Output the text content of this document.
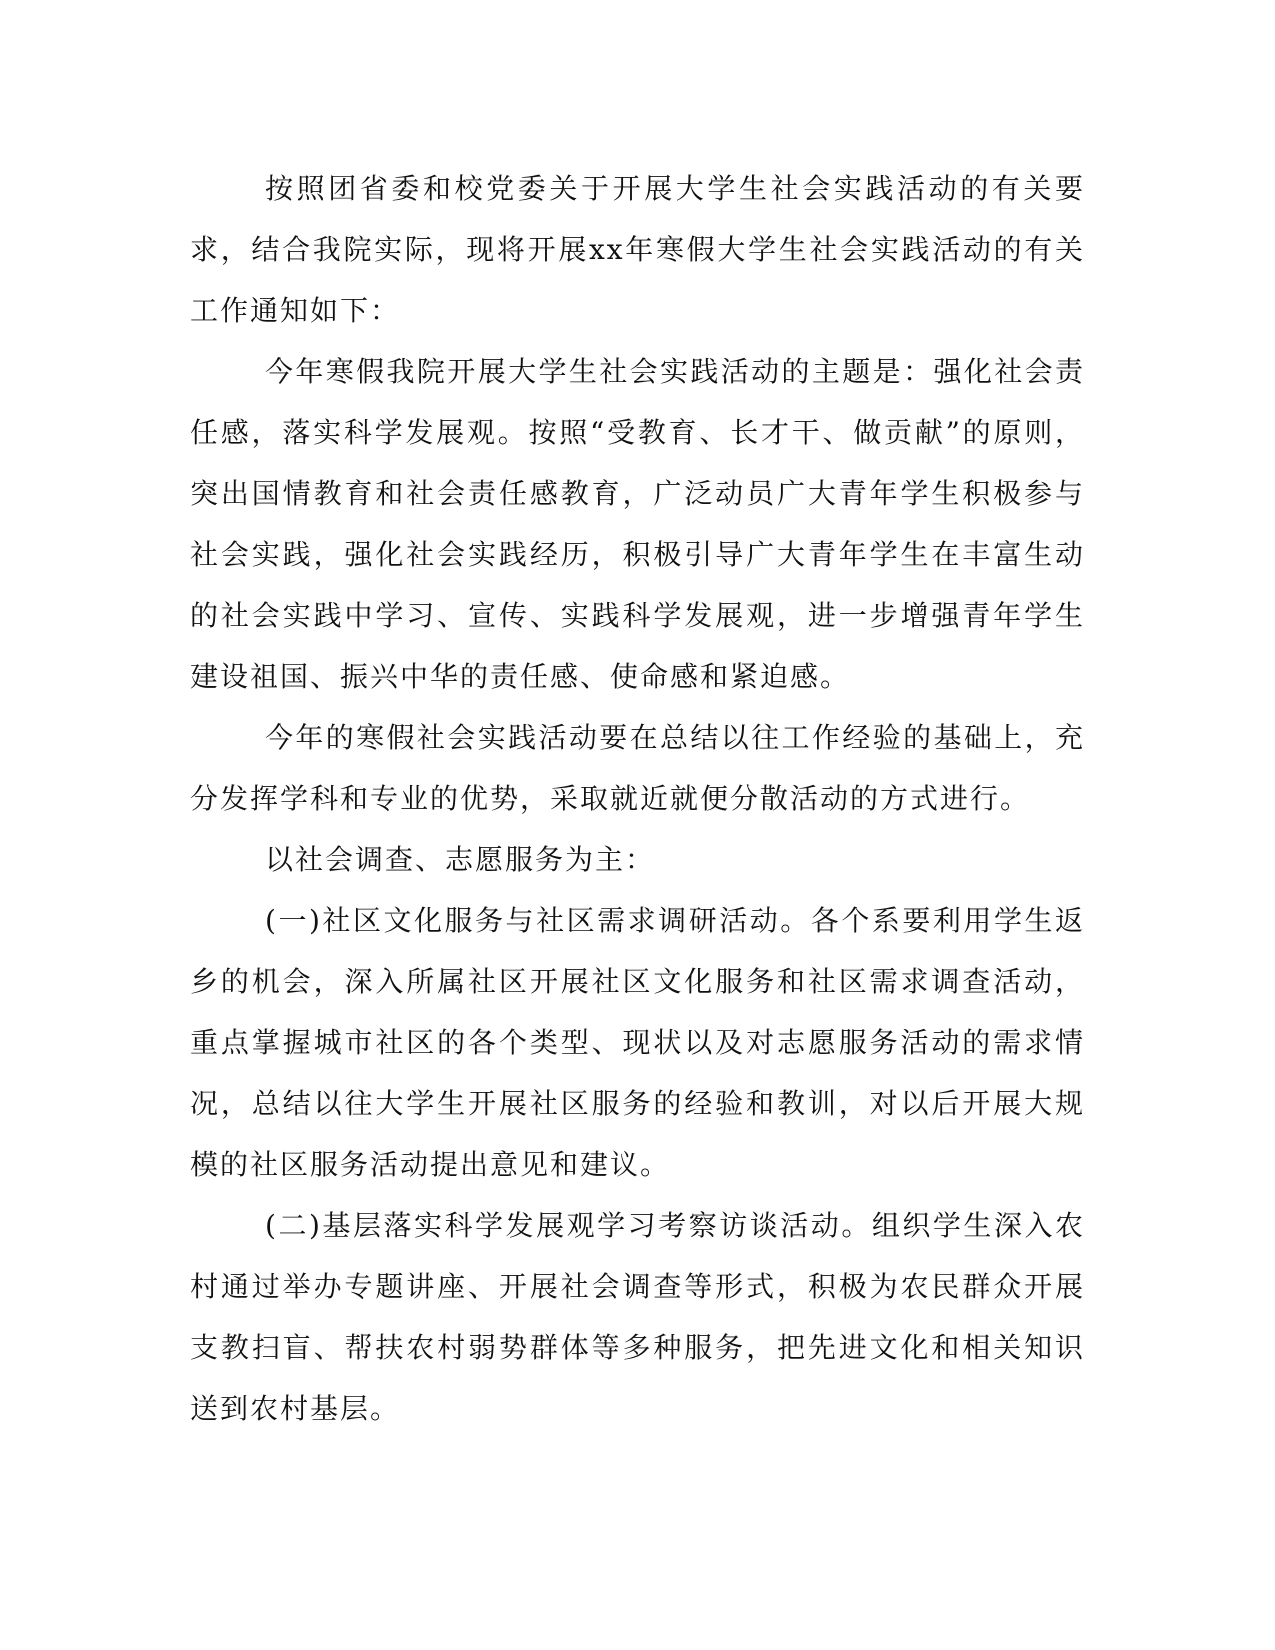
按照团省委和校党委关于开展大学生社会实践活动的有关要求，结合我院实际，现将开展xx年寒假大学生社会实践活动的有关工作通知如下：

今年寒假我院开展大学生社会实践活动的主题是：强化社会责任感，落实科学发展观。按照“受教育、长才干、做贡献”的原则，突出国情教育和社会责任感教育，广泛动员广大青年学生积极参与社会实践，强化社会实践经历，积极引导广大青年学生在丰富生动的社会实践中学习、宣传、实践科学发展观，进一步增强青年学生建设祖国、振兴中华的责任感、使命感和紧迫感。

今年的寒假社会实践活动要在总结以往工作经验的基础上，充分发挥学科和专业的优势，采取就近就便分散活动的方式进行。

以社会调查、志愿服务为主：

(一)社区文化服务与社区需求调研活动。各个系要利用学生返乡的机会，深入所属社区开展社区文化服务和社区需求调查活动，重点掌握城市社区的各个类型、现状以及对志愿服务活动的需求情况，总结以往大学生开展社区服务的经验和教训，对以后开展大规模的社区服务活动提出意见和建议。

(二)基层落实科学发展观学习考察访谈活动。组织学生深入农村通过举办专题讲座、开展社会调查等形式，积极为农民群众开展支教扫盲、帮扶农村弱势群体等多种服务，把先进文化和相关知识送到农村基层。
